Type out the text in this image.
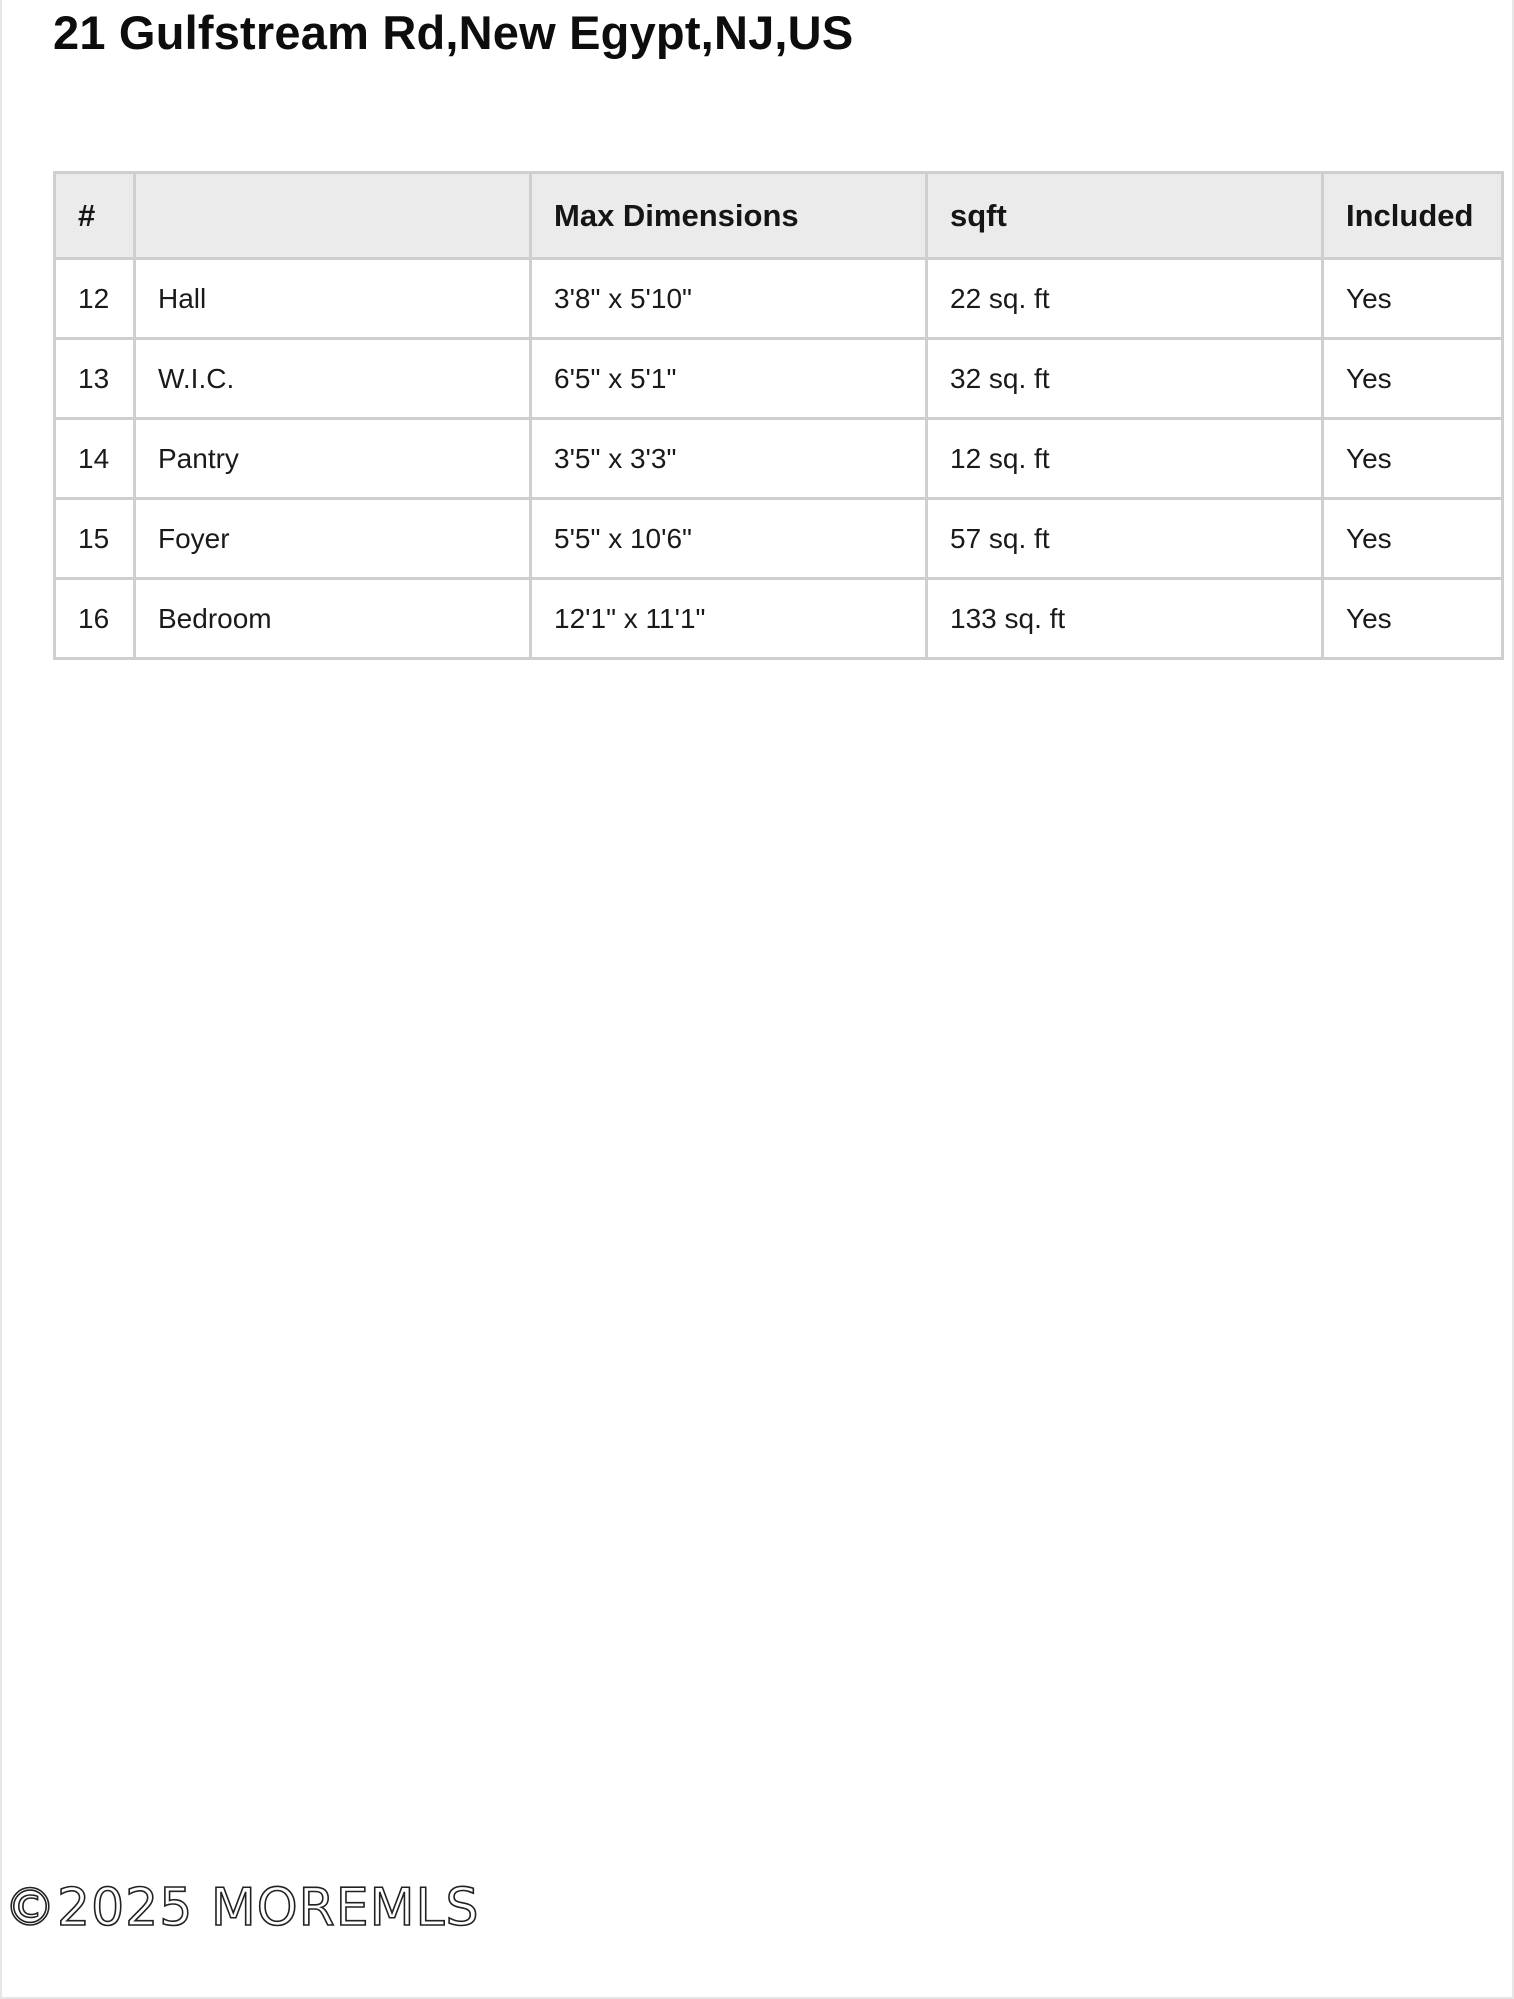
21 Gulfstream Rd,New Egypt,NJ,US
#		Max Dimensions	sqft	Included
12	Hall	3'8" x 5'10"	22 sq. ft	Yes
13	W.I.C.	6'5" x 5'1"	32 sq. ft	Yes
14	Pantry	3'5" x 3'3"	12 sq. ft	Yes
15	Foyer	5'5" x 10'6"	57 sq. ft	Yes
16	Bedroom	12'1" x 11'1"	133 sq. ft	Yes
©2025 MOREMLS
